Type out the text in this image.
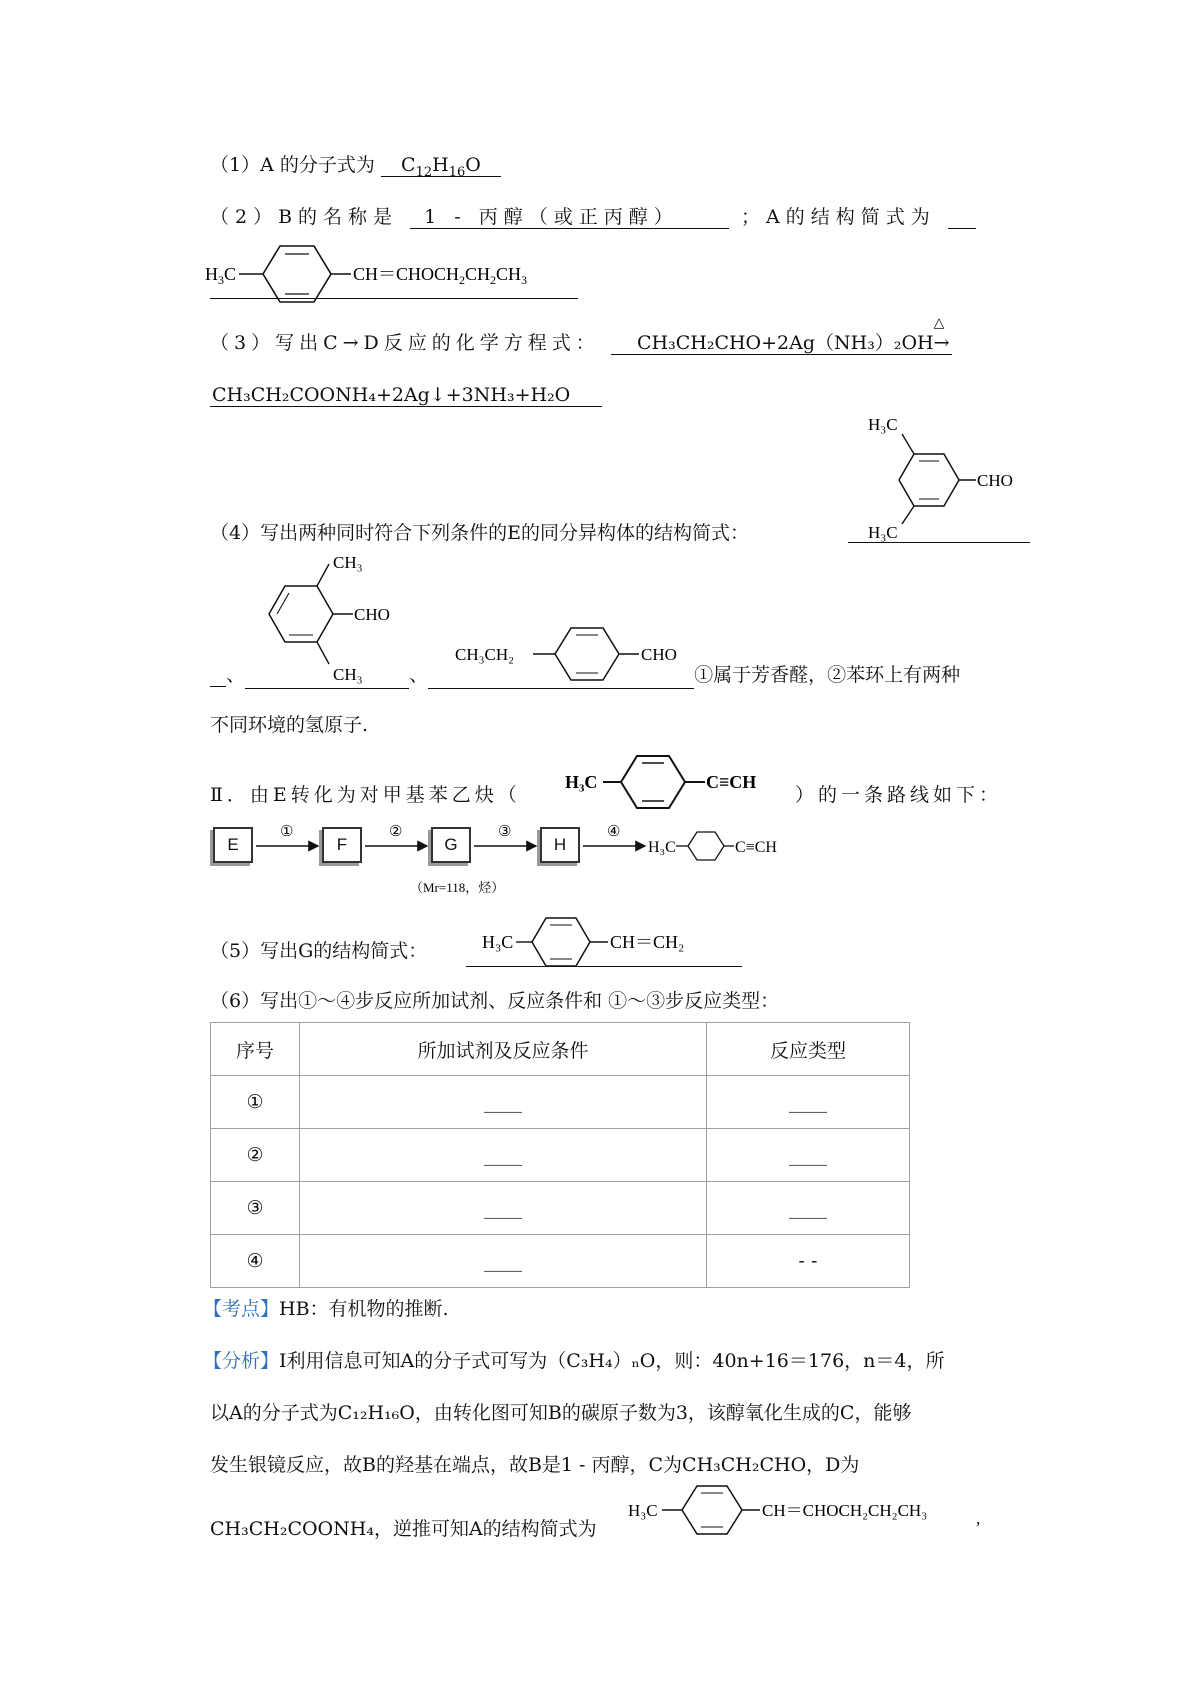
（1）A 的分子式为 $C_{12}H_{16}O$
（2）B的名称是 1 - 丙醇（或正丙醇）	；A的结构简式为
$H_3C$	$CH=CHOCH_2CH_2CH_3$
（3）写出C→D反应的化学方程式： CH₃CH₂CHO+2Ag（NH₃）₂OH
△
→
CH₃CH₂COONH₄+2Ag↓+3NH₃+H₂O
H₃C
CHO
H₃C
（4）写出两种同时符合下列条件的E的同分异构体的结构简式：
CH₃
CHO
CH₃
CH₃CH₂	CHO
、	、	①属于芳香醛，②苯环上有两种
不同环境的氢原子.
Ⅱ．由E转化为对甲基苯乙炔（
H₃C	C≡CH
）的一条路线如下：
E	F	G	H
①	②	③	④
（Mr=118，烃）
H₃C	C≡CH
（5）写出G的结构简式：	H₃C	CH＝CH₂
（6）写出①～④步反应所加试剂、反应条件和 ①～③步反应类型：
序号	所加试剂及反应条件	反应类型
①	____	____
②	____	____
③	____	____
④	____	- -
【考点】HB：有机物的推断.
【分析】Ⅰ利用信息可知A的分子式可写为（C₃H₄）ₙO，则：40n+16＝176，n＝4，所
以A的分子式为C₁₂H₁₆O，由转化图可知B的碳原子数为3，该醇氧化生成的C，能够
发生银镜反应，故B的羟基在端点，故B是1 - 丙醇，C为CH₃CH₂CHO，D为
CH₃CH₂COONH₄，逆推可知A的结构简式为
H₃C	CH＝CHOCH₂CH₂CH₃	,
